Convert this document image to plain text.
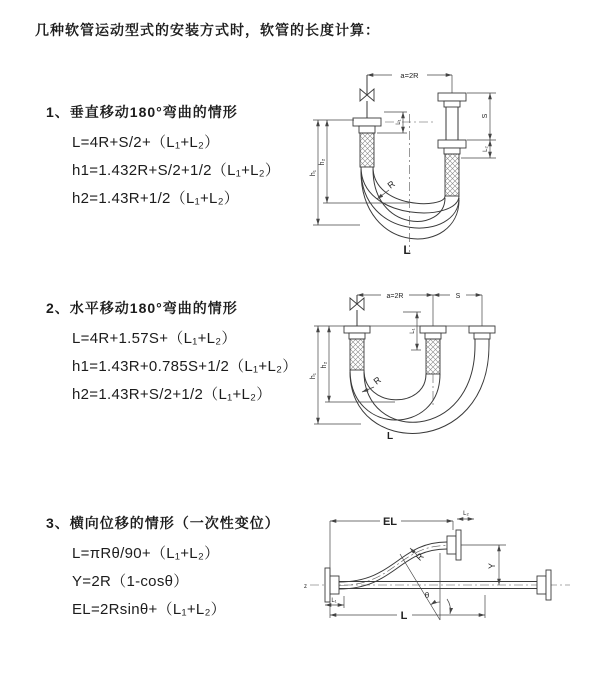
几种软管运动型式的安装方式时，软管的长度计算：
1、垂直移动180°弯曲的情形
L=4R+S/2+（L₁+L₂）
h1=1.432R+S/2+1/2（L₁+L₂）
h2=1.43R+1/2（L₁+L₂）
2、水平移动180°弯曲的情形
L=4R+1.57S+（L₁+L₂）
h1=1.43R+0.785S+1/2（L₁+L₂）
h2=1.43R+S/2+1/2（L₁+L₂）
3、横向位移的情形（一次性变位）
L=πRθ/90+（L₁+L₂）
Y=2R（1-cosθ）
EL=2Rsinθ+（L₁+L₂）
a=2R
h₁
h₂
L₁
S
L₂
R
L
a=2R	S
h₁
h₂
L₁
R
L
z
EL
L₂
Y
θ
R
L₁
L
